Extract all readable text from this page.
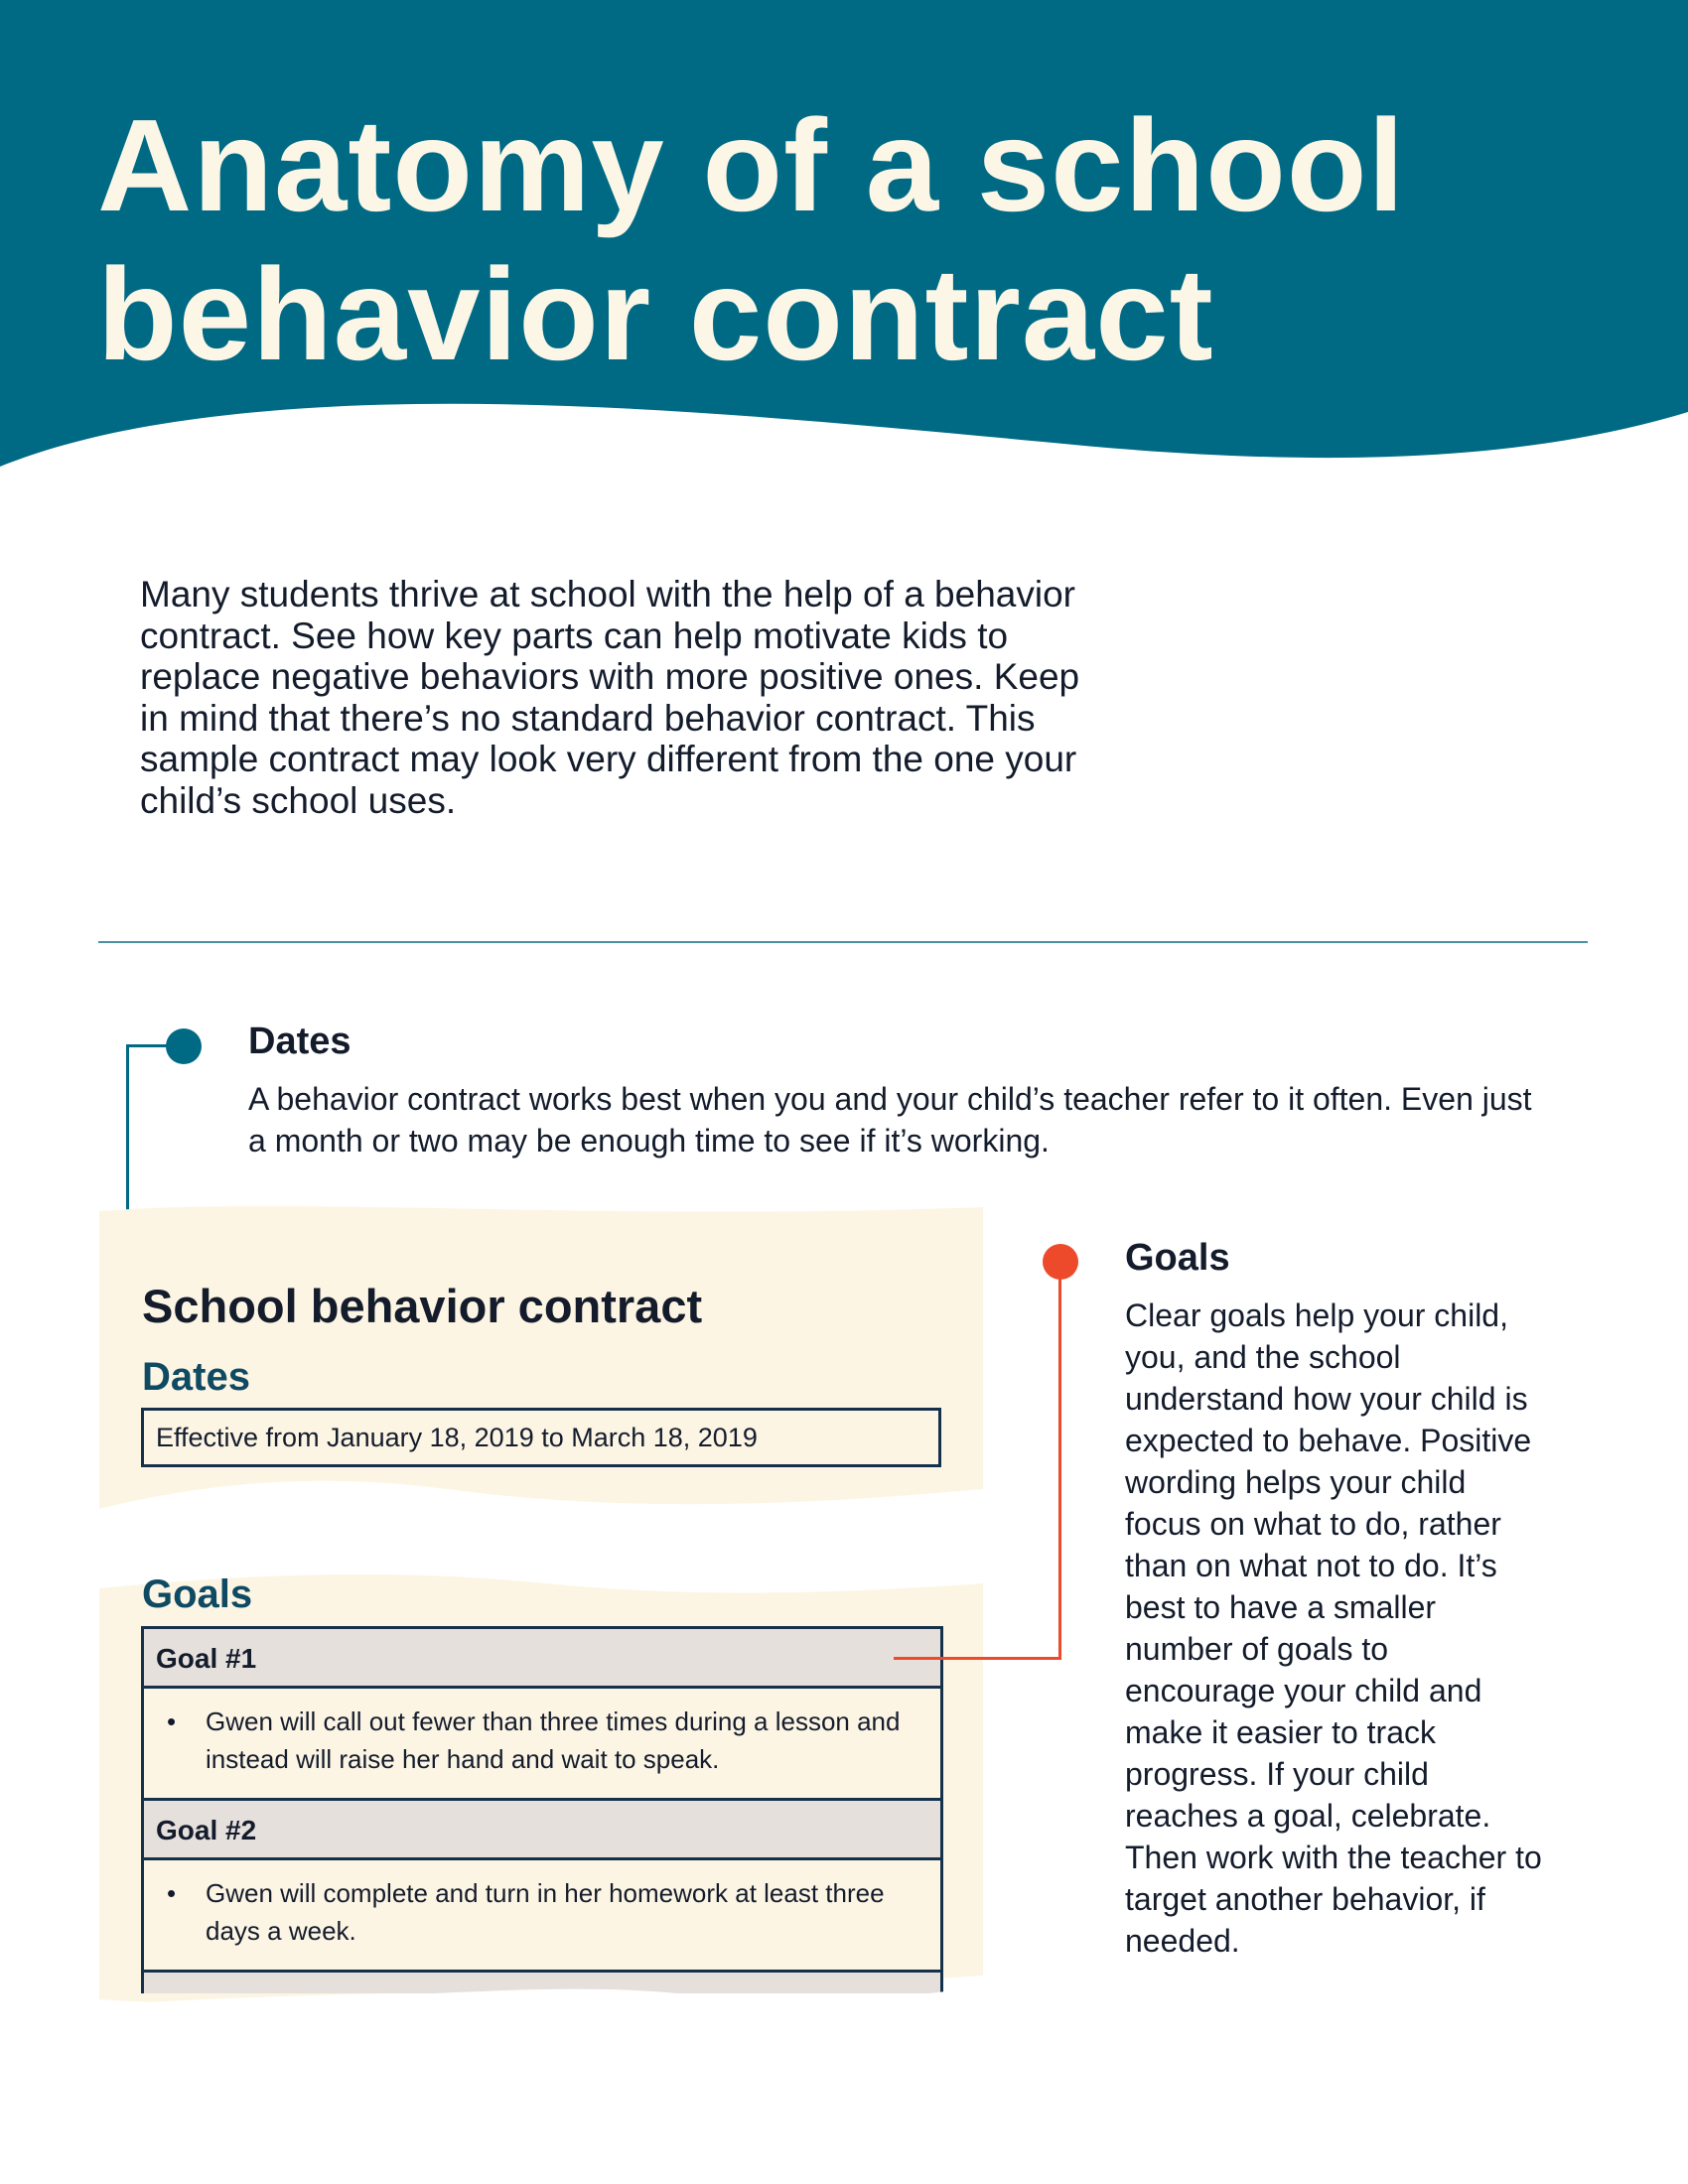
Anatomy of a school
behavior contract

Many students thrive at school with the help of a behavior contract. See how key parts can help motivate kids to replace negative behaviors with more positive ones. Keep in mind that there’s no standard behavior contract. This sample contract may look very different from the one your child’s school uses.

Dates

A behavior contract works best when you and your child’s teacher refer to it often. Even just a month or two may be enough time to see if it’s working.

School behavior contract
Dates
Effective from January 18, 2019 to March 18, 2019
Goals
Goal #1
• Gwen will call out fewer than three times during a lesson and instead will raise her hand and wait to speak.
Goal #2
• Gwen will complete and turn in her homework at least three days a week.
Goals

Clear goals help your child, you, and the school understand how your child is expected to behave. Positive wording helps your child focus on what to do, rather than on what not to do. It’s best to have a smaller number of goals to encourage your child and make it easier to track progress. If your child reaches a goal, celebrate. Then work with the teacher to target another behavior, if needed.
